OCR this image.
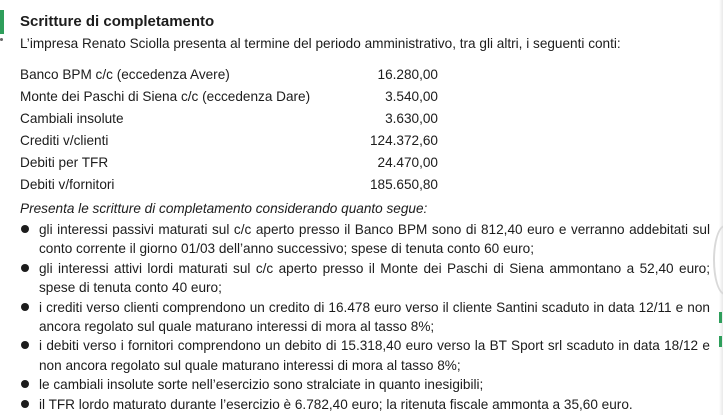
Scritture di completamento

L’impresa Renato Sciolla presenta al termine del periodo amministrativo, tra gli altri, i seguenti conti:

Banco BPM c/c (eccedenza Avere)	16.280,00
Monte dei Paschi di Siena c/c (eccedenza Dare)	3.540,00
Cambiali insolute	3.630,00
Crediti v/clienti	124.372,60
Debiti per TFR	24.470,00
Debiti v/fornitori	185.650,80

Presenta le scritture di completamento considerando quanto segue:

gli interessi passivi maturati sul c/c aperto presso il Banco BPM sono di 812,40 euro e verranno addebitati sul conto corrente il giorno 01/03 dell’anno successivo; spese di tenuta conto 60 euro;
gli interessi attivi lordi maturati sul c/c aperto presso il Monte dei Paschi di Siena ammontano a 52,40 euro; spese di tenuta conto 40 euro;
i crediti verso clienti comprendono un credito di 16.478 euro verso il cliente Santini scaduto in data 12/11 e non ancora regolato sul quale maturano interessi di mora al tasso 8%;
i debiti verso i fornitori comprendono un debito di 15.318,40 euro verso la BT Sport srl scaduto in data 18/12 e non ancora regolato sul quale maturano interessi di mora al tasso 8%;
le cambiali insolute sorte nell’esercizio sono stralciate in quanto inesigibili;
il TFR lordo maturato durante l’esercizio è 6.782,40 euro; la ritenuta fiscale ammonta a 35,60 euro.
